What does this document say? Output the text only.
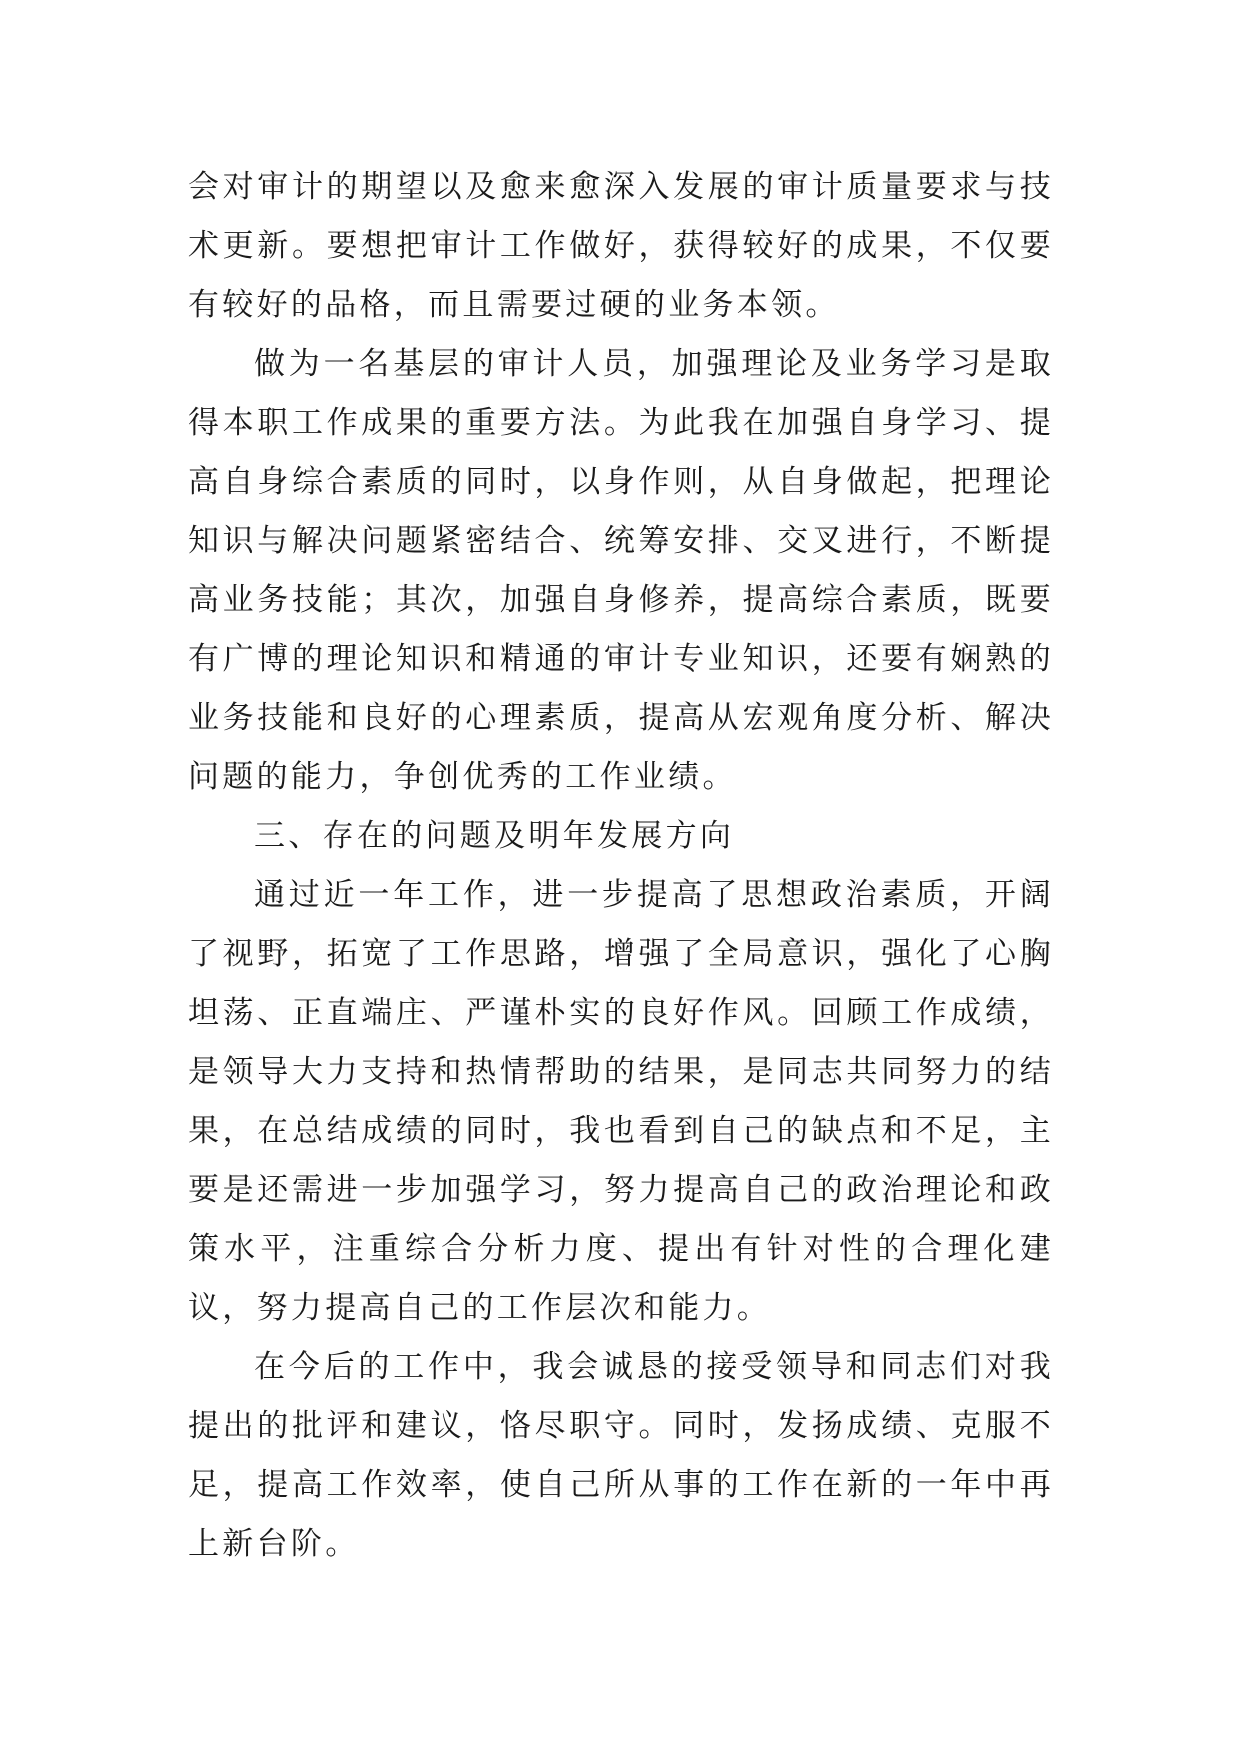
会对审计的期望以及愈来愈深入发展的审计质量要求与技术更新。要想把审计工作做好，获得较好的成果，不仅要有较好的品格，而且需要过硬的业务本领。

做为一名基层的审计人员，加强理论及业务学习是取得本职工作成果的重要方法。为此我在加强自身学习、提高自身综合素质的同时，以身作则，从自身做起，把理论知识与解决问题紧密结合、统筹安排、交叉进行，不断提高业务技能；其次，加强自身修养，提高综合素质，既要有广博的理论知识和精通的审计专业知识，还要有娴熟的业务技能和良好的心理素质，提高从宏观角度分析、解决问题的能力，争创优秀的工作业绩。

三、存在的问题及明年发展方向

通过近一年工作，进一步提高了思想政治素质，开阔了视野，拓宽了工作思路，增强了全局意识，强化了心胸坦荡、正直端庄、严谨朴实的良好作风。回顾工作成绩，是领导大力支持和热情帮助的结果，是同志共同努力的结果，在总结成绩的同时，我也看到自己的缺点和不足，主要是还需进一步加强学习，努力提高自己的政治理论和政策水平，注重综合分析力度、提出有针对性的合理化建议，努力提高自己的工作层次和能力。

在今后的工作中，我会诚恳的接受领导和同志们对我提出的批评和建议，恪尽职守。同时，发扬成绩、克服不足，提高工作效率，使自己所从事的工作在新的一年中再上新台阶。
